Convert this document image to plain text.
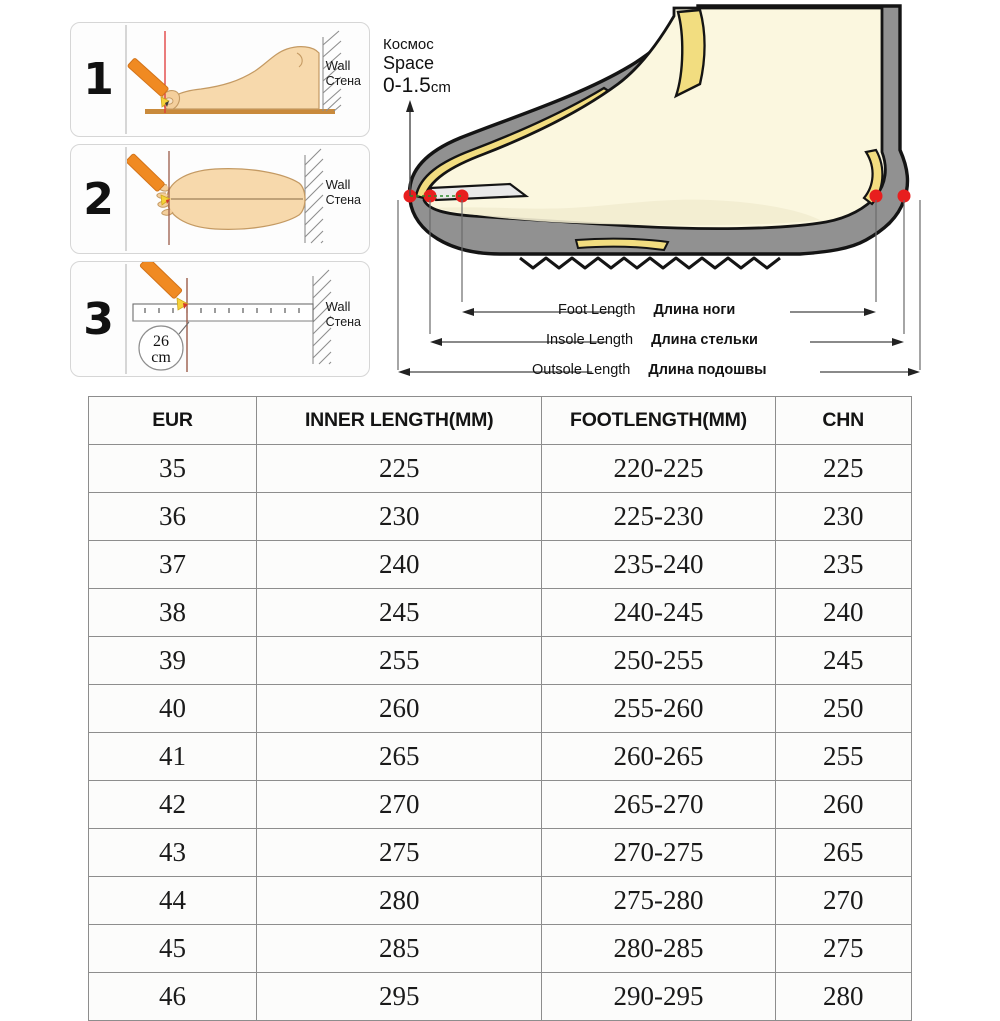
1	Wall
Стена
2	Wall
Стена
3	26
cm
Wall
Стена
Космос
Space
0-1.5cm
Foot Length Длина ноги
Insole Length Длина стельки
Outsole Length Длина подошвы
EUR	INNER LENGTH(MM)	FOOTLENGTH(MM)	CHN
35	225	220-225	225
36	230	225-230	230
37	240	235-240	235
38	245	240-245	240
39	255	250-255	245
40	260	255-260	250
41	265	260-265	255
42	270	265-270	260
43	275	270-275	265
44	280	275-280	270
45	285	280-285	275
46	295	290-295	280
